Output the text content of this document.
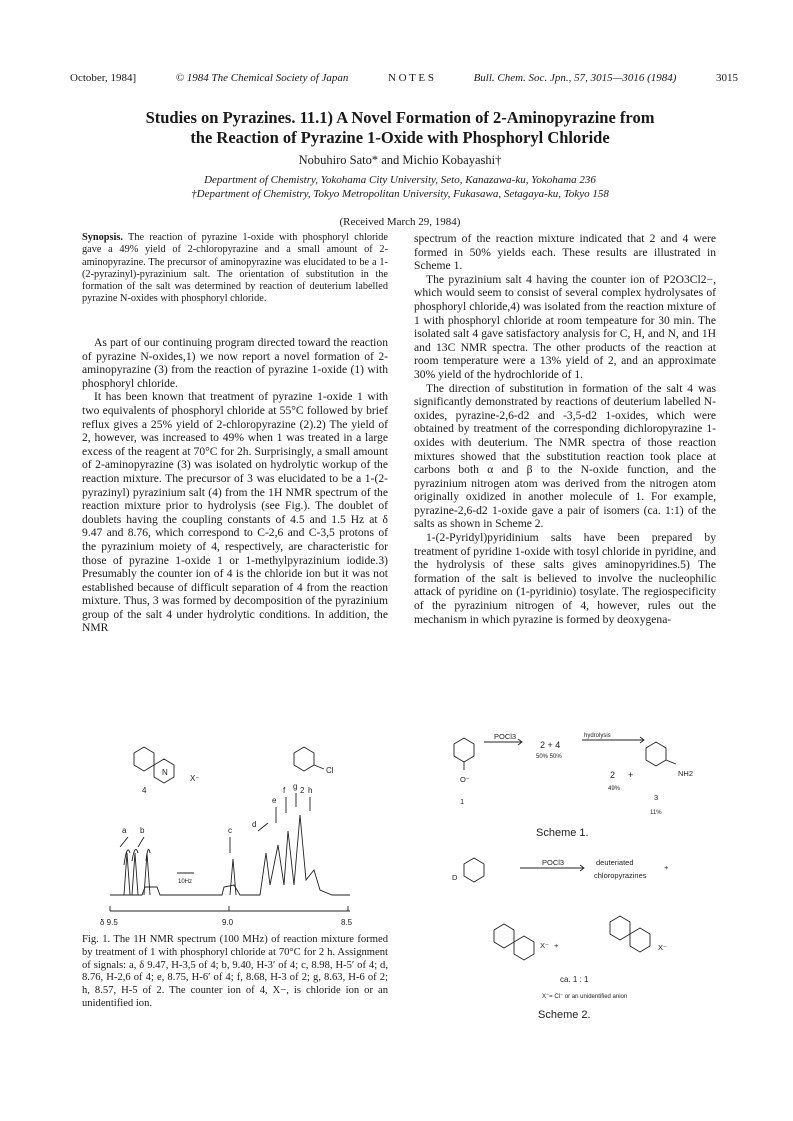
October, 1984]	© 1984 The Chemical Society of Japan	N O T E S	Bull. Chem. Soc. Jpn., 57, 3015—3016 (1984)	3015
Studies on Pyrazines. 11.1) A Novel Formation of 2-Aminopyrazine from
the Reaction of Pyrazine 1-Oxide with Phosphoryl Chloride
Nobuhiro Sato* and Michio Kobayashi†
Department of Chemistry, Yokohama City University, Seto, Kanazawa-ku, Yokohama 236
†Department of Chemistry, Tokyo Metropolitan University, Fukasawa, Setagaya-ku, Tokyo 158
(Received March 29, 1984)
Synopsis. The reaction of pyrazine 1-oxide with phosphoryl chloride gave a 49% yield of 2-chloropyrazine and a small amount of 2-aminopyrazine. The precursor of aminopyrazine was elucidated to be a 1-(2-pyrazinyl)-pyrazinium salt. The orientation of substitution in the formation of the salt was determined by reaction of deuterium labelled pyrazine N-oxides with phosphoryl chloride.

As part of our continuing program directed toward the reaction of pyrazine N-oxides,1) we now report a novel formation of 2-aminopyrazine (3) from the reaction of pyrazine 1-oxide (1) with phosphoryl chloride.

It has been known that treatment of pyrazine 1-oxide 1 with two equivalents of phosphoryl chloride at 55°C followed by brief reflux gives a 25% yield of 2-chloropyrazine (2).2) The yield of 2, however, was increased to 49% when 1 was treated in a large excess of the reagent at 70°C for 2h. Surprisingly, a small amount of 2-aminopyrazine (3) was isolated on hydrolytic workup of the reaction mixture. The precursor of 3 was elucidated to be a 1-(2-pyrazinyl) pyrazinium salt (4) from the 1H NMR spectrum of the reaction mixture prior to hydrolysis (see Fig.). The doublet of doublets having the coupling constants of 4.5 and 1.5 Hz at δ 9.47 and 8.76, which correspond to C-2,6 and C-3,5 protons of the pyrazinium moiety of 4, respectively, are characteristic for those of pyrazine 1-oxide 1 or 1-methylpyrazinium iodide.3) Presumably the counter ion of 4 is the chloride ion but it was not established because of difficult separation of 4 from the reaction mixture. Thus, 3 was formed by decomposition of the pyrazinium group of the salt 4 under hydrolytic conditions. In addition, the NMR

spectrum of the reaction mixture indicated that 2 and 4 were formed in 50% yields each. These results are illustrated in Scheme 1.

The pyrazinium salt 4 having the counter ion of P2O3Cl2−, which would seem to consist of several complex hydrolysates of phosphoryl chloride,4) was isolated from the reaction mixture of 1 with phosphoryl chloride at room tempeature for 30 min. The isolated salt 4 gave satisfactory analysis for C, H, and N, and 1H and 13C NMR spectra. The other products of the reaction at room temperature were a 13% yield of 2, and an approximate 30% yield of the hydrochloride of 1.

The direction of substitution in formation of the salt 4 was significantly demonstrated by reactions of deuterium labelled N-oxides, pyrazine-2,6-d2 and -3,5-d2 1-oxides, which were obtained by treatment of the corresponding dichloropyrazine 1-oxides with deuterium. The NMR spectra of those reaction mixtures showed that the substitution reaction took place at carbons both α and β to the N-oxide function, and the pyrazinium nitrogen atom was derived from the nitrogen atom originally oxidized in another molecule of 1. For example, pyrazine-2,6-d2 1-oxide gave a pair of isomers (ca. 1:1) of the salts as shown in Scheme 2.

1-(2-Pyridyl)pyridinium salts have been prepared by treatment of pyridine 1-oxide with tosyl chloride in pyridine, and the hydrolysis of these salts gives aminopyridines.5) The formation of the salt is believed to involve the nucleophilic attack of pyridine on (1-pyridinio) tosylate. The regiospecificity of the pyrazinium nitrogen of 4, however, rules out the mechanism in which pyrazine is formed by deoxygena-

N
X⁻
4
Cl
2
a b	c
d
e
f g h
10Hz
δ 9.5	9.0	8.5
Fig. 1. The 1H NMR spectrum (100 MHz) of reaction mixture formed by treatment of 1 with phosphoryl chloride at 70°C for 2 h. Assignment of signals: a, δ 9.47, H-3,5 of 4; b, 9.40, H-3′ of 4; c, 8.98, H-5′ of 4; d, 8.76, H-2,6 of 4; e, 8.75, H-6′ of 4; f, 8.68, H-3 of 2; g, 8.63, H-6 of 2; h, 8.57, H-5 of 2. The counter ion of 4, X−, is chloride ion or an unidentified ion.
O⁻
POCl3	hydrolysis
2 + 4
50% 50%
1
2 +
49%
NH2
3
11%
Scheme 1.
D
POCl3	deuteriated
chloropyrazines
+
X⁻ +	X⁻
ca. 1 : 1
X⁻= Cl⁻ or an unidentified anion
Scheme 2.
